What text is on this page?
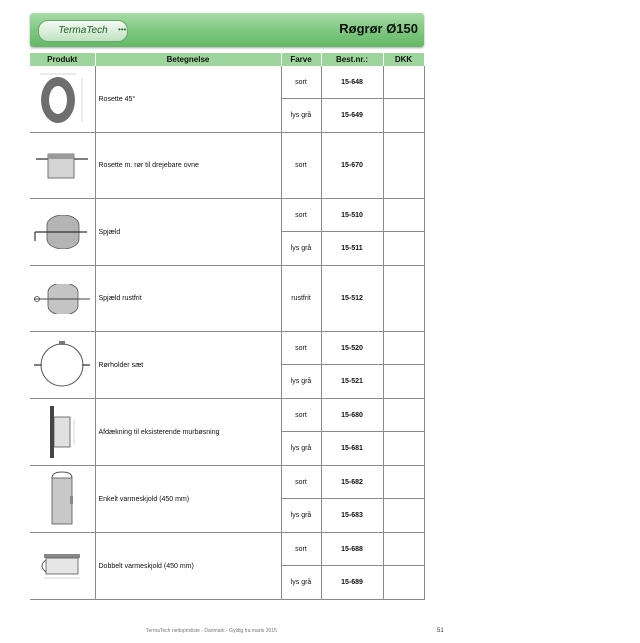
TermaTech	•••	Røgrør Ø150
Produkt	Betegnelse	Farve	Best.nr.:	DKK

	Rosette 45°	sort	15-648	
		lys grå	15-649	

	Rosette m. rør til drejebare ovne	sort	15-670	

	Spjæld	sort	15-510	
		lys grå	15-511	

	Spjæld rustfrit	rustfrit	15-512	

	Rørholder sæt	sort	15-520	
		lys grå	15-521	

	Afdækning til eksisterende murbøsning	sort	15-680	
		lys grå	15-681	

	Enkelt varmeskjold (450 mm)	sort	15-682	
		lys grå	15-683	

	Dobbelt varmeskjold (450 mm)	sort	15-688	
		lys grå	15-689	
TermaTech nettoprisliste - Danmark - Gyldig fra marts 2015	51
